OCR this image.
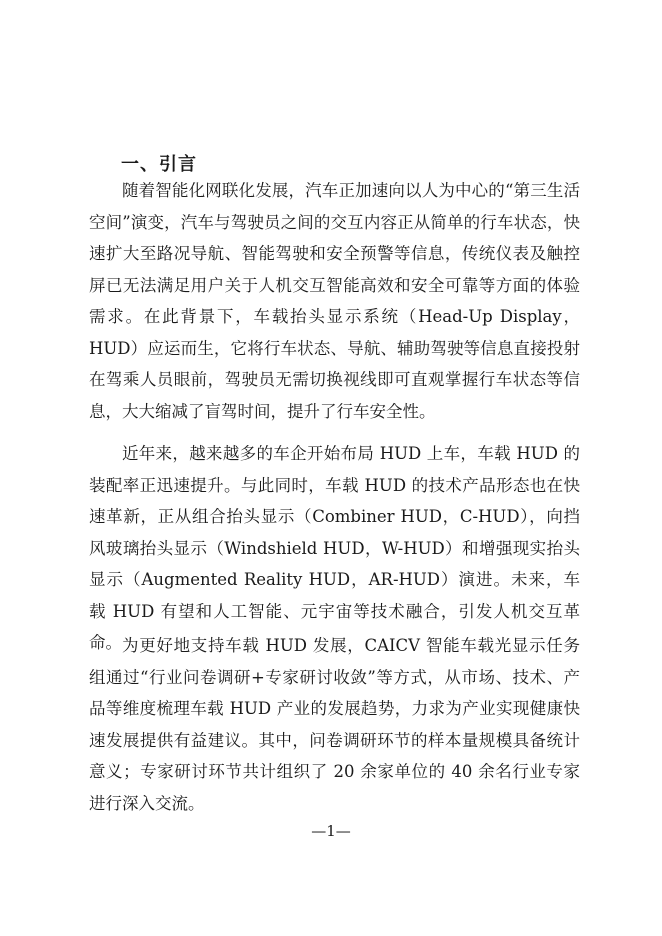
一、引言

随着智能化网联化发展，汽车正加速向以人为中心的“第三生活空间”演变，汽车与驾驶员之间的交互内容正从简单的行车状态，快速扩大至路况导航、智能驾驶和安全预警等信息，传统仪表及触控屏已无法满足用户关于人机交互智能高效和安全可靠等方面的体验需求。在此背景下，车载抬头显示系统（Head-Up Display，HUD）应运而生，它将行车状态、导航、辅助驾驶等信息直接投射在驾乘人员眼前，驾驶员无需切换视线即可直观掌握行车状态等信息，大大缩减了盲驾时间，提升了行车安全性。

近年来，越来越多的车企开始布局 HUD 上车，车载 HUD 的装配率正迅速提升。与此同时，车载 HUD 的技术产品形态也在快速革新，正从组合抬头显示（Combiner HUD，C-HUD），向挡风玻璃抬头显示（Windshield HUD，W-HUD）和增强现实抬头显示（Augmented Reality HUD，AR-HUD）演进。未来，车载 HUD 有望和人工智能、元宇宙等技术融合，引发人机交互革命。 为更好地支持车载 HUD 发展，CAICV 智能车载光显示任务组通过“行业问卷调研+专家研讨收敛”等方式，从市场、技术、产品等维度梳理车载 HUD 产业的发展趋势，力求为产业实现健康快速发展提供有益建议。其中，问卷调研环节的样本量规模具备统计意义；专家研讨环节共计组织了 20 余家单位的 40 余名行业专家进行深入交流。

—1—
